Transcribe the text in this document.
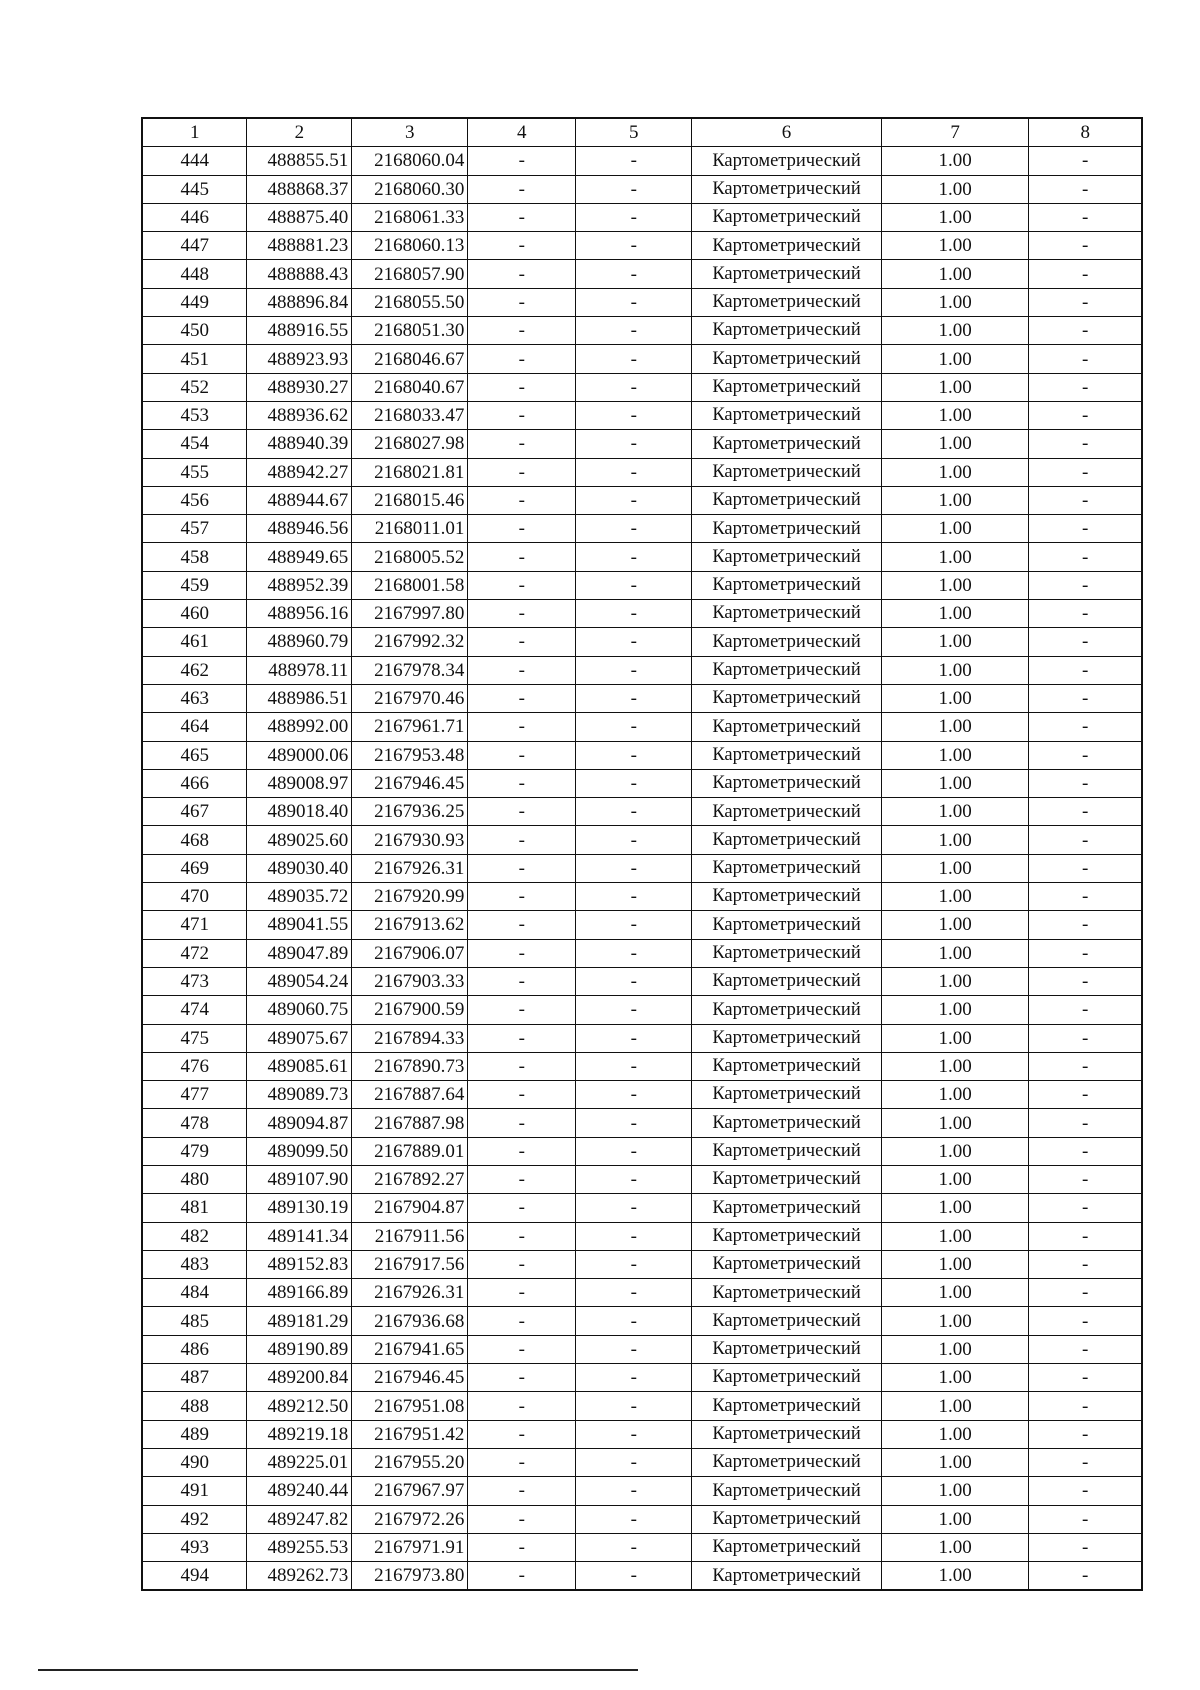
1	2	3	4	5	6	7	8
444	488855.51	2168060.04	-	-	Картометрический	1.00	-
445	488868.37	2168060.30	-	-	Картометрический	1.00	-
446	488875.40	2168061.33	-	-	Картометрический	1.00	-
447	488881.23	2168060.13	-	-	Картометрический	1.00	-
448	488888.43	2168057.90	-	-	Картометрический	1.00	-
449	488896.84	2168055.50	-	-	Картометрический	1.00	-
450	488916.55	2168051.30	-	-	Картометрический	1.00	-
451	488923.93	2168046.67	-	-	Картометрический	1.00	-
452	488930.27	2168040.67	-	-	Картометрический	1.00	-
453	488936.62	2168033.47	-	-	Картометрический	1.00	-
454	488940.39	2168027.98	-	-	Картометрический	1.00	-
455	488942.27	2168021.81	-	-	Картометрический	1.00	-
456	488944.67	2168015.46	-	-	Картометрический	1.00	-
457	488946.56	2168011.01	-	-	Картометрический	1.00	-
458	488949.65	2168005.52	-	-	Картометрический	1.00	-
459	488952.39	2168001.58	-	-	Картометрический	1.00	-
460	488956.16	2167997.80	-	-	Картометрический	1.00	-
461	488960.79	2167992.32	-	-	Картометрический	1.00	-
462	488978.11	2167978.34	-	-	Картометрический	1.00	-
463	488986.51	2167970.46	-	-	Картометрический	1.00	-
464	488992.00	2167961.71	-	-	Картометрический	1.00	-
465	489000.06	2167953.48	-	-	Картометрический	1.00	-
466	489008.97	2167946.45	-	-	Картометрический	1.00	-
467	489018.40	2167936.25	-	-	Картометрический	1.00	-
468	489025.60	2167930.93	-	-	Картометрический	1.00	-
469	489030.40	2167926.31	-	-	Картометрический	1.00	-
470	489035.72	2167920.99	-	-	Картометрический	1.00	-
471	489041.55	2167913.62	-	-	Картометрический	1.00	-
472	489047.89	2167906.07	-	-	Картометрический	1.00	-
473	489054.24	2167903.33	-	-	Картометрический	1.00	-
474	489060.75	2167900.59	-	-	Картометрический	1.00	-
475	489075.67	2167894.33	-	-	Картометрический	1.00	-
476	489085.61	2167890.73	-	-	Картометрический	1.00	-
477	489089.73	2167887.64	-	-	Картометрический	1.00	-
478	489094.87	2167887.98	-	-	Картометрический	1.00	-
479	489099.50	2167889.01	-	-	Картометрический	1.00	-
480	489107.90	2167892.27	-	-	Картометрический	1.00	-
481	489130.19	2167904.87	-	-	Картометрический	1.00	-
482	489141.34	2167911.56	-	-	Картометрический	1.00	-
483	489152.83	2167917.56	-	-	Картометрический	1.00	-
484	489166.89	2167926.31	-	-	Картометрический	1.00	-
485	489181.29	2167936.68	-	-	Картометрический	1.00	-
486	489190.89	2167941.65	-	-	Картометрический	1.00	-
487	489200.84	2167946.45	-	-	Картометрический	1.00	-
488	489212.50	2167951.08	-	-	Картометрический	1.00	-
489	489219.18	2167951.42	-	-	Картометрический	1.00	-
490	489225.01	2167955.20	-	-	Картометрический	1.00	-
491	489240.44	2167967.97	-	-	Картометрический	1.00	-
492	489247.82	2167972.26	-	-	Картометрический	1.00	-
493	489255.53	2167971.91	-	-	Картометрический	1.00	-
494	489262.73	2167973.80	-	-	Картометрический	1.00	-
